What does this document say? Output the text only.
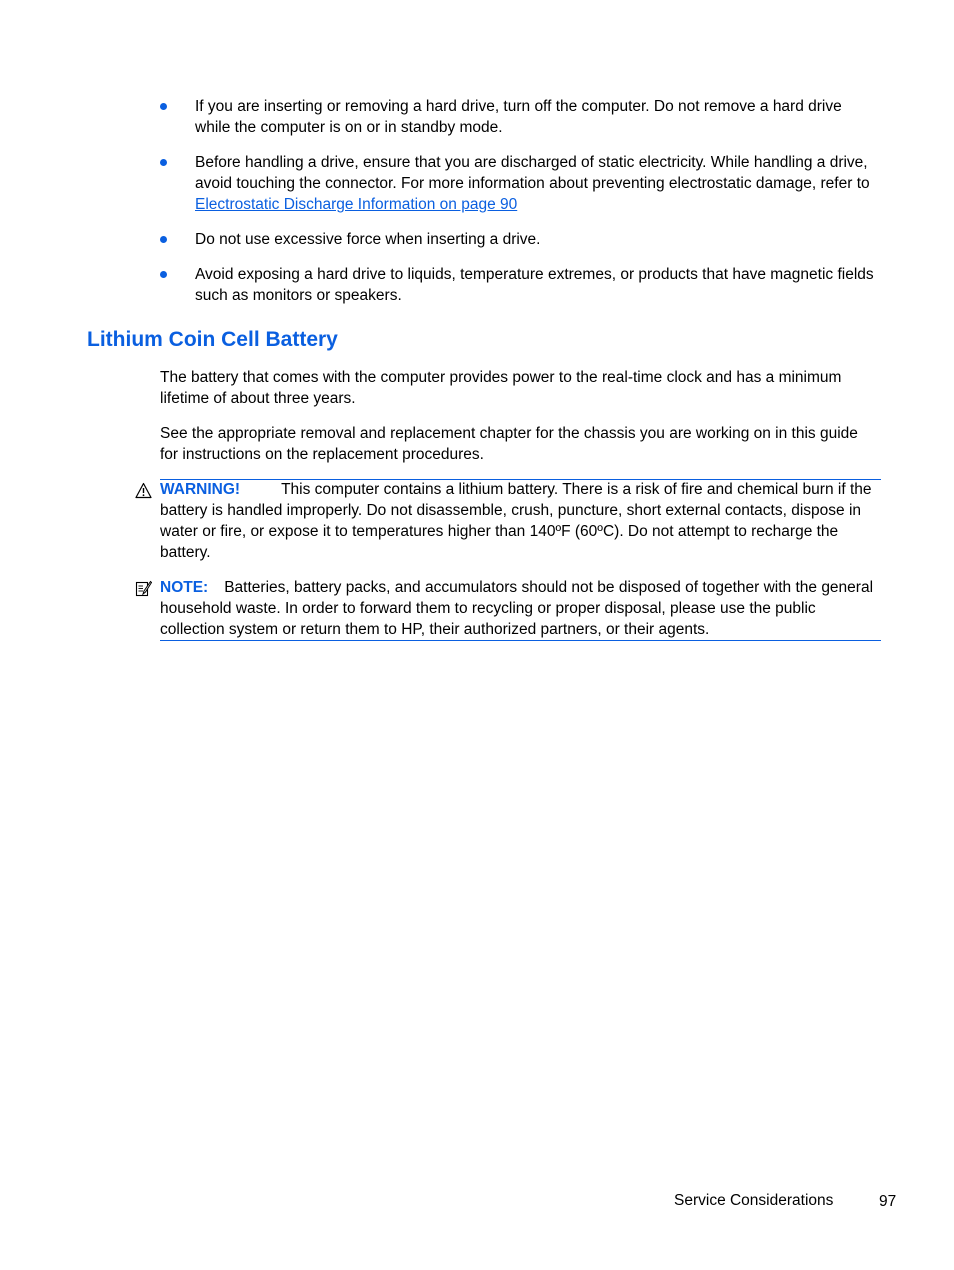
If you are inserting or removing a hard drive, turn off the computer. Do not remove a hard drive while the computer is on or in standby mode.
Before handling a drive, ensure that you are discharged of static electricity. While handling a drive, avoid touching the connector. For more information about preventing electrostatic damage, refer to Electrostatic Discharge Information on page 90
Do not use excessive force when inserting a drive.
Avoid exposing a hard drive to liquids, temperature extremes, or products that have magnetic fields such as monitors or speakers.
Lithium Coin Cell Battery

The battery that comes with the computer provides power to the real-time clock and has a minimum lifetime of about three years.

See the appropriate removal and replacement chapter for the chassis you are working on in this guide for instructions on the replacement procedures.

WARNING!	This computer contains a lithium battery. There is a risk of fire and chemical burn if the battery is handled improperly. Do not disassemble, crush, puncture, short external contacts, dispose in water or fire, or expose it to temperatures higher than 140ºF (60ºC). Do not attempt to recharge the battery.
NOTE: Batteries, battery packs, and accumulators should not be disposed of together with the general household waste. In order to forward them to recycling or proper disposal, please use the public collection system or return them to HP, their authorized partners, or their agents.
Service Considerations	97
